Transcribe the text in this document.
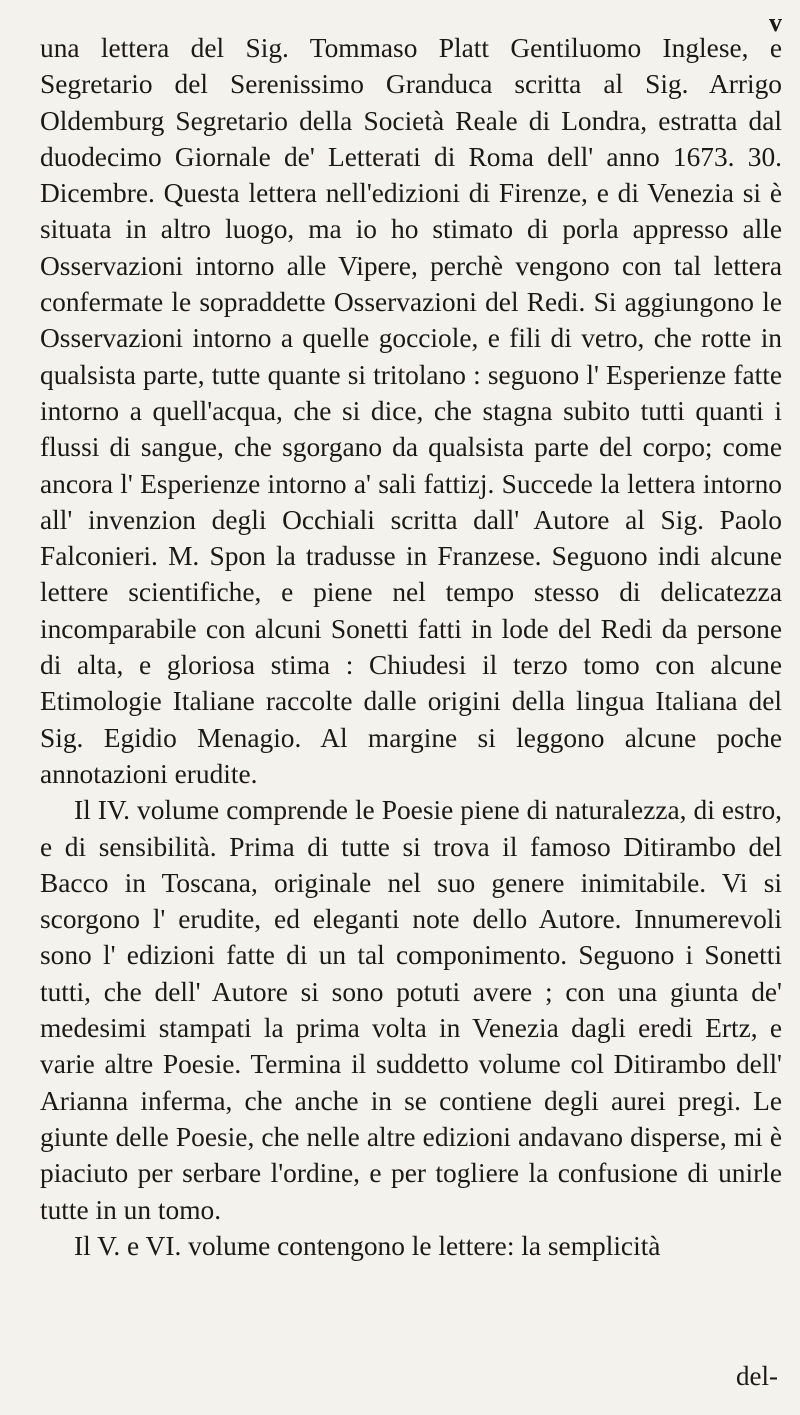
v

una lettera del Sig. Tommaso Platt Gentiluomo Inglese, e Segretario del Serenissimo Granduca scritta al Sig. Arrigo Oldemburg Segretario della Società Reale di Londra, estratta dal duodecimo Giornale de' Letterati di Roma dell' anno 1673. 30. Dicembre. Questa lettera nell'edizioni di Firenze, e di Venezia si è situata in altro luogo, ma io ho stimato di porla appresso alle Osservazioni intorno alle Vipere, perchè vengono con tal lettera confermate le sopraddette Osservazioni del Redi. Si aggiungono le Osservazioni intorno a quelle gocciole, e fili di vetro, che rotte in qualsista parte, tutte quante si tritolano : seguono l' Esperienze fatte intorno a quell'acqua, che si dice, che stagna subito tutti quanti i flussi di sangue, che sgorgano da qualsista parte del corpo; come ancora l' Esperienze intorno a' sali fattizj. Succede la lettera intorno all' invenzion degli Occhiali scritta dall' Autore al Sig. Paolo Falconieri. M. Spon la tradusse in Franzese. Seguono indi alcune lettere scientifiche, e piene nel tempo stesso di delicatezza incomparabile con alcuni Sonetti fatti in lode del Redi da persone di alta, e gloriosa stima : Chiudesi il terzo tomo con alcune Etimologie Italiane raccolte dalle origini della lingua Italiana del Sig. Egidio Menagio. Al margine si leggono alcune poche annotazioni erudite.

Il IV. volume comprende le Poesie piene di naturalezza, di estro, e di sensibilità. Prima di tutte si trova il famoso Ditirambo del Bacco in Toscana, originale nel suo genere inimitabile. Vi si scorgono l' erudite, ed eleganti note dello Autore. Innumerevoli sono l' edizioni fatte di un tal componimento. Seguono i Sonetti tutti, che dell' Autore si sono potuti avere ; con una giunta de' medesimi stampati la prima volta in Venezia dagli eredi Ertz, e varie altre Poesie. Termina il suddetto volume col Ditirambo dell' Arianna inferma, che anche in se contiene degli aurei pregi. Le giunte delle Poesie, che nelle altre edizioni andavano disperse, mi è piaciuto per serbare l'ordine, e per togliere la confusione di unirle tutte in un tomo.

Il V. e VI. volume contengono le lettere: la semplicità

del-
